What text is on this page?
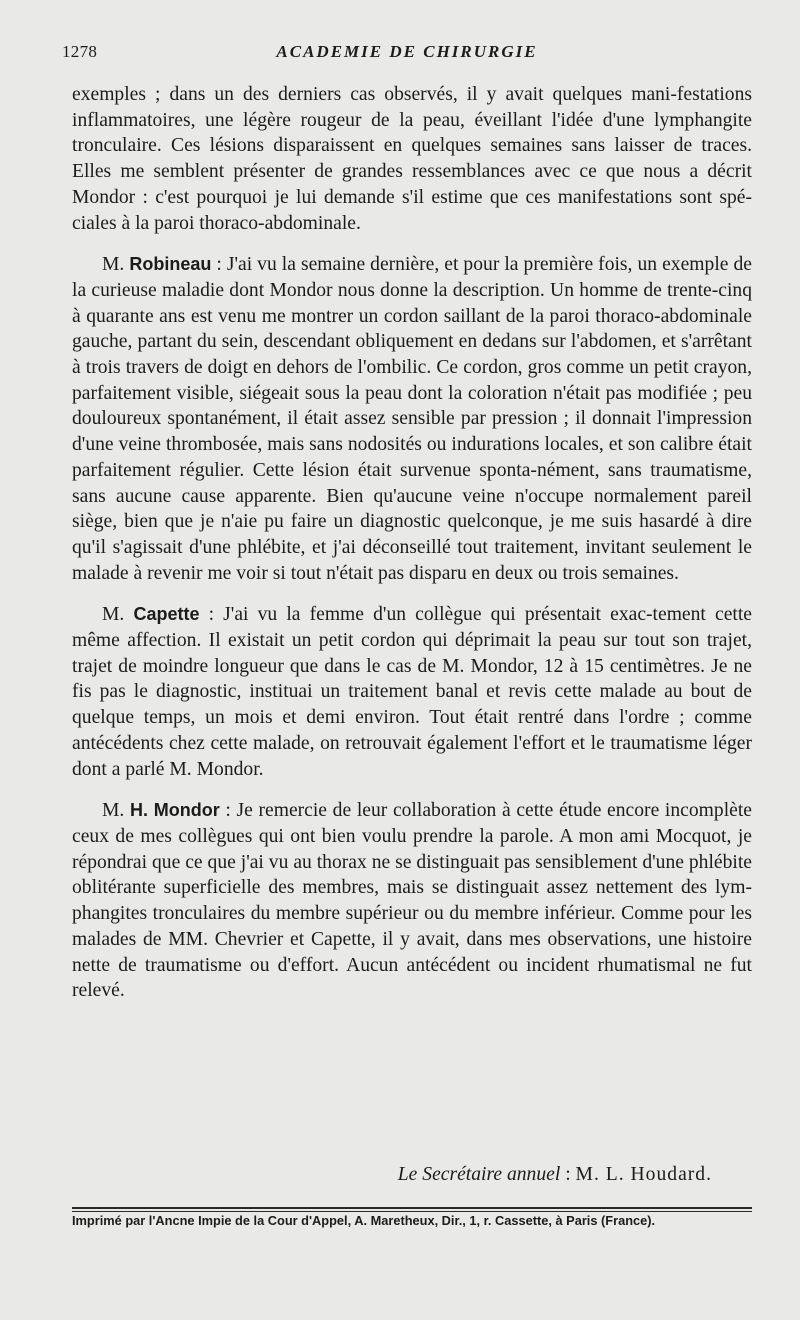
1278	ACADEMIE DE CHIRURGIE

exemples ; dans un des derniers cas observés, il y avait quelques mani-festations inflammatoires, une légère rougeur de la peau, éveillant l'idée d'une lymphangite tronculaire. Ces lésions disparaissent en quelques semaines sans laisser de traces. Elles me semblent présenter de grandes ressemblances avec ce que nous a décrit Mondor : c'est pourquoi je lui demande s'il estime que ces manifestations sont spé-ciales à la paroi thoraco-abdominale.

M. Robineau : J'ai vu la semaine dernière, et pour la première fois, un exemple de la curieuse maladie dont Mondor nous donne la description. Un homme de trente-cinq à quarante ans est venu me montrer un cordon saillant de la paroi thoraco-abdominale gauche, partant du sein, descendant obliquement en dedans sur l'abdomen, et s'arrêtant à trois travers de doigt en dehors de l'ombilic. Ce cordon, gros comme un petit crayon, parfaitement visible, siégeait sous la peau dont la coloration n'était pas modifiée ; peu douloureux spontanément, il était assez sensible par pression ; il donnait l'impression d'une veine thrombosée, mais sans nodosités ou indurations locales, et son calibre était parfaitement régulier. Cette lésion était survenue sponta-nément, sans traumatisme, sans aucune cause apparente. Bien qu'aucune veine n'occupe normalement pareil siège, bien que je n'aie pu faire un diagnostic quelconque, je me suis hasardé à dire qu'il s'agissait d'une phlébite, et j'ai déconseillé tout traitement, invitant seulement le malade à revenir me voir si tout n'était pas disparu en deux ou trois semaines.

M. Capette : J'ai vu la femme d'un collègue qui présentait exac-tement cette même affection. Il existait un petit cordon qui déprimait la peau sur tout son trajet, trajet de moindre longueur que dans le cas de M. Mondor, 12 à 15 centimètres. Je ne fis pas le diagnostic, instituai un traitement banal et revis cette malade au bout de quelque temps, un mois et demi environ. Tout était rentré dans l'ordre ; comme antécédents chez cette malade, on retrouvait également l'effort et le traumatisme léger dont a parlé M. Mondor.

M. H. Mondor : Je remercie de leur collaboration à cette étude encore incomplète ceux de mes collègues qui ont bien voulu prendre la parole. A mon ami Mocquot, je répondrai que ce que j'ai vu au thorax ne se distinguait pas sensiblement d'une phlébite oblitérante superficielle des membres, mais se distinguait assez nettement des lym-phangites tronculaires du membre supérieur ou du membre inférieur. Comme pour les malades de MM. Chevrier et Capette, il y avait, dans mes observations, une histoire nette de traumatisme ou d'effort. Aucun antécédent ou incident rhumatismal ne fut relevé.

Le Secrétaire annuel : M. L. Houdard.
Imprimé par l'Ancne Impie de la Cour d'Appel, A. Maretheux, Dir., 1, r. Cassette, à Paris (France).
